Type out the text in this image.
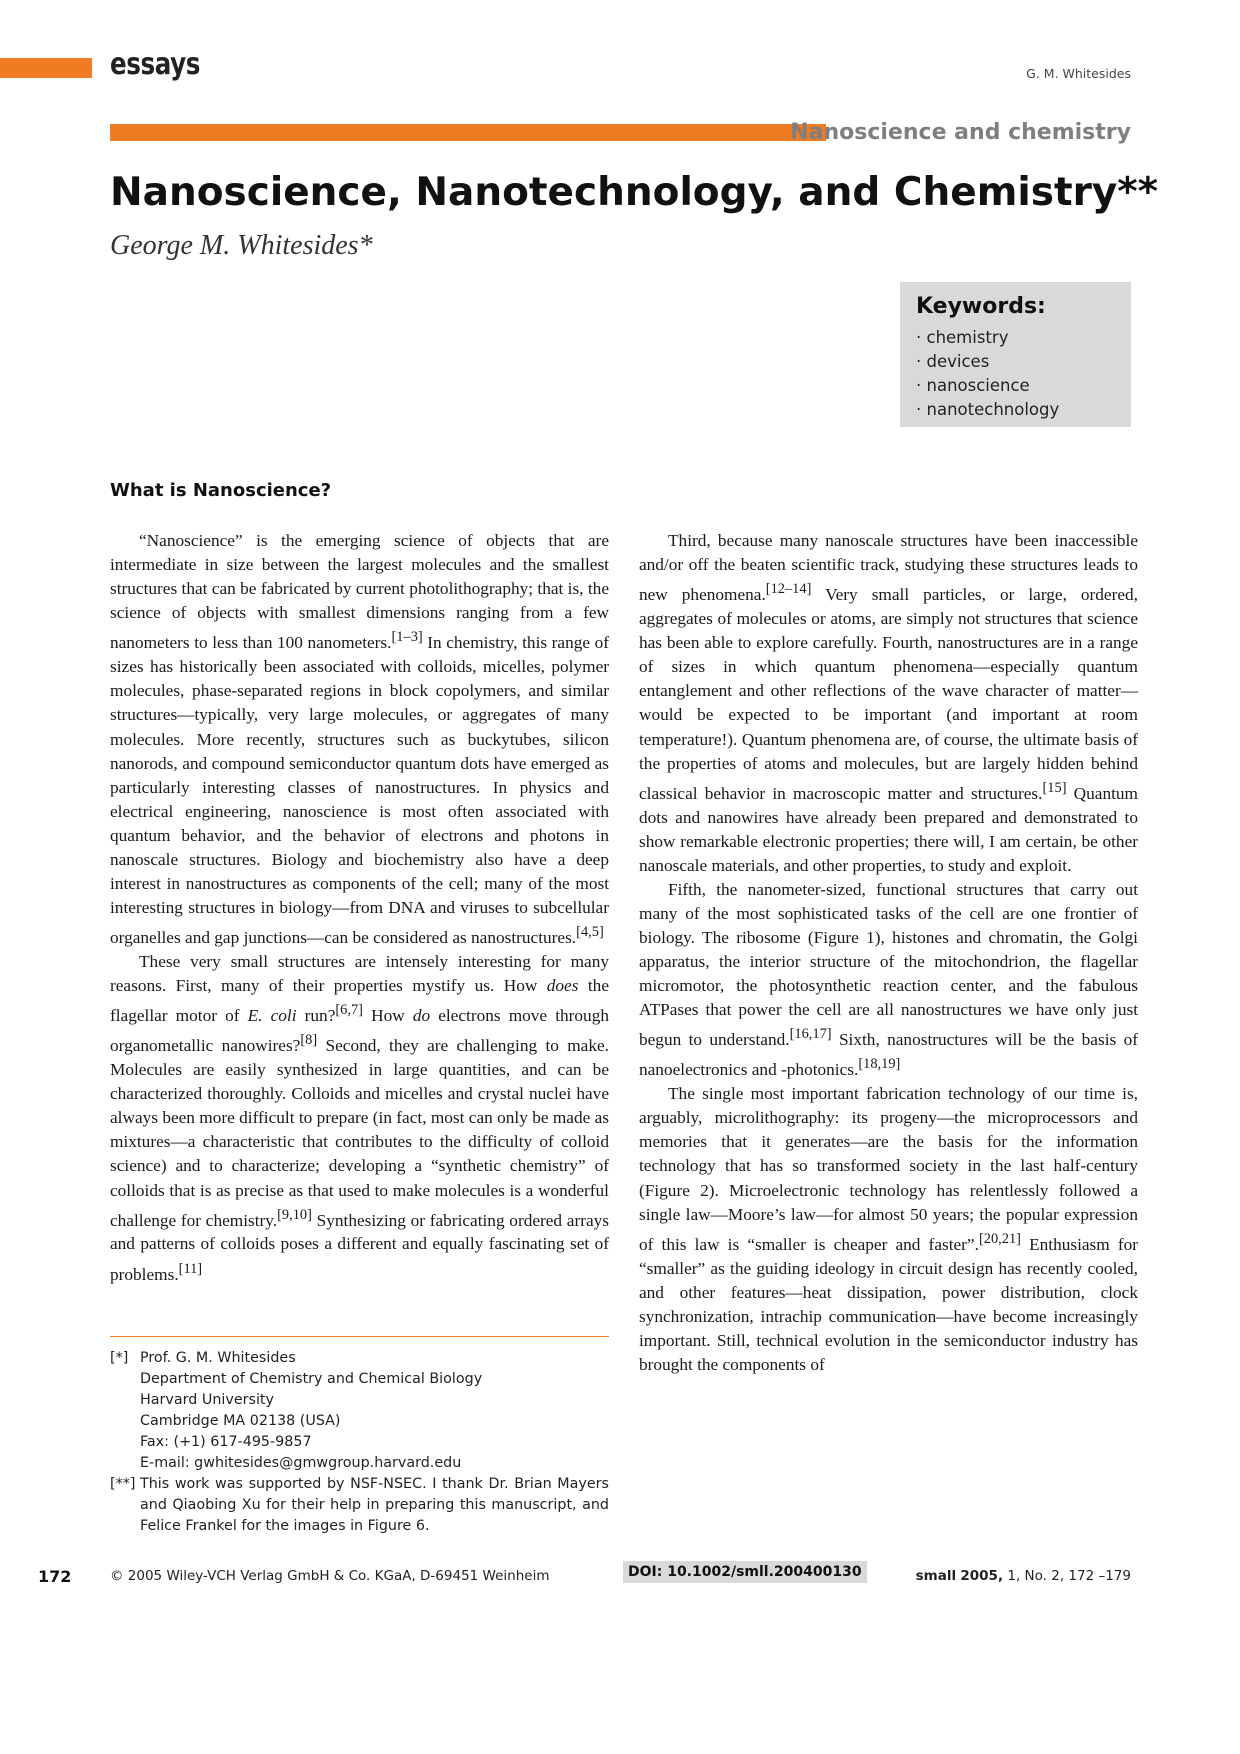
essays	G. M. Whitesides
Nanoscience and chemistry
Nanoscience, Nanotechnology, and Chemistry**
George M. Whitesides*
Keywords:
· chemistry
· devices
· nanoscience
· nanotechnology
What is Nanoscience?

“Nanoscience” is the emerging science of objects that are intermediate in size between the largest molecules and the smallest structures that can be fabricated by current photolithography; that is, the science of objects with smallest dimensions ranging from a few nanometers to less than 100 nanometers.[1–3] In chemistry, this range of sizes has historically been associated with colloids, micelles, polymer molecules, phase-separated regions in block copolymers, and similar structures—typically, very large molecules, or aggregates of many molecules. More recently, structures such as buckytubes, silicon nanorods, and compound semiconductor quantum dots have emerged as particularly interesting classes of nanostructures. In physics and electrical engineering, nanoscience is most often associated with quantum behavior, and the behavior of electrons and photons in nanoscale structures. Biology and biochemistry also have a deep interest in nanostructures as components of the cell; many of the most interesting structures in biology—from DNA and viruses to subcellular organelles and gap junctions—can be considered as nanostructures.[4,5]

These very small structures are intensely interesting for many reasons. First, many of their properties mystify us. How does the flagellar motor of E. coli run?[6,7] How do electrons move through organometallic nanowires?[8] Second, they are challenging to make. Molecules are easily synthesized in large quantities, and can be characterized thoroughly. Colloids and micelles and crystal nuclei have always been more difficult to prepare (in fact, most can only be made as mixtures—a characteristic that contributes to the difficulty of colloid science) and to characterize; developing a “synthetic chemistry” of colloids that is as precise as that used to make molecules is a wonderful challenge for chemistry.[9,10] Synthesizing or fabricating ordered arrays and patterns of colloids poses a different and equally fascinating set of problems.[11]

Third, because many nanoscale structures have been inaccessible and/or off the beaten scientific track, studying these structures leads to new phenomena.[12–14] Very small particles, or large, ordered, aggregates of molecules or atoms, are simply not structures that science has been able to explore carefully. Fourth, nanostructures are in a range of sizes in which quantum phenomena—especially quantum entanglement and other reflections of the wave character of matter—would be expected to be important (and important at room temperature!). Quantum phenomena are, of course, the ultimate basis of the properties of atoms and molecules, but are largely hidden behind classical behavior in macroscopic matter and structures.[15] Quantum dots and nanowires have already been prepared and demonstrated to show remarkable electronic properties; there will, I am certain, be other nanoscale materials, and other properties, to study and exploit.

Fifth, the nanometer-sized, functional structures that carry out many of the most sophisticated tasks of the cell are one frontier of biology. The ribosome (Figure 1), histones and chromatin, the Golgi apparatus, the interior structure of the mitochondrion, the flagellar micromotor, the photosynthetic reaction center, and the fabulous ATPases that power the cell are all nanostructures we have only just begun to understand.[16,17] Sixth, nanostructures will be the basis of nanoelectronics and -photonics.[18,19]

The single most important fabrication technology of our time is, arguably, microlithography: its progeny—the microprocessors and memories that it generates—are the basis for the information technology that has so transformed society in the last half-century (Figure 2). Microelectronic technology has relentlessly followed a single law—Moore’s law—for almost 50 years; the popular expression of this law is “smaller is cheaper and faster”.[20,21] Enthusiasm for “smaller” as the guiding ideology in circuit design has recently cooled, and other features—heat dissipation, power distribution, clock synchronization, intrachip communication—have become increasingly important. Still, technical evolution in the semiconductor industry has brought the components of

[*] Prof. G. M. Whitesides
Department of Chemistry and Chemical Biology
Harvard University
Cambridge MA 02138 (USA)
Fax: (+1) 617-495-9857
E-mail: gwhitesides@gmwgroup.harvard.edu
[**] This work was supported by NSF-NSEC. I thank Dr. Brian Mayers and Qiaobing Xu for their help in preparing this manuscript, and Felice Frankel for the images in Figure 6.
172	© 2005 Wiley-VCH Verlag GmbH & Co. KGaA, D-69451 Weinheim	DOI: 10.1002/smll.200400130	small 2005, 1, No. 2, 172 –179
